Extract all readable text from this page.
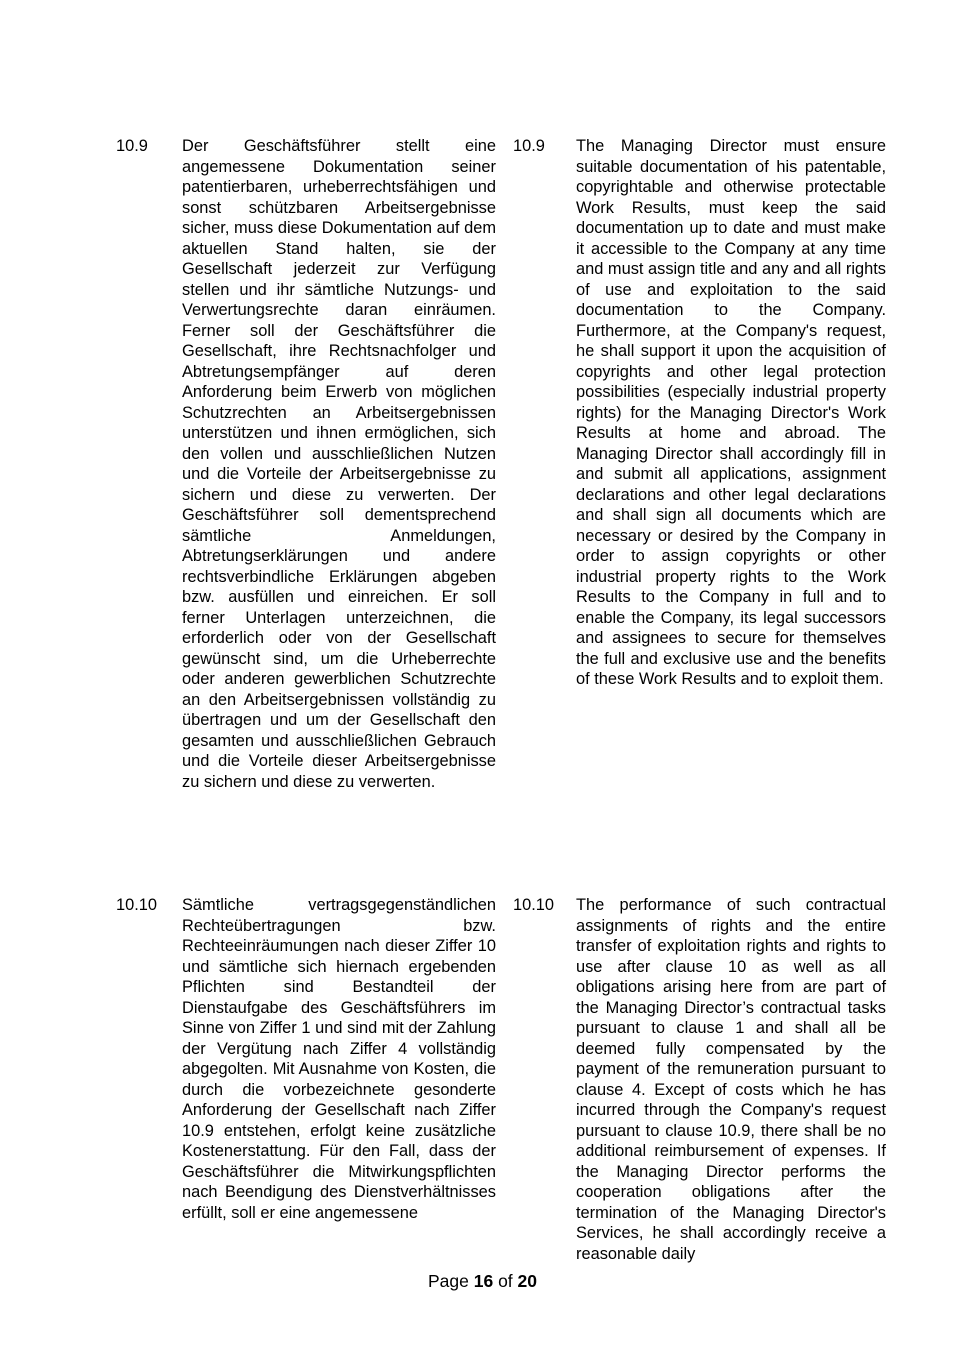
10.9 Der Geschäftsführer stellt eine angemessene Dokumentation seiner patentierbaren, urheberrechtsfähigen und sonst schützbaren Arbeitsergebnisse sicher, muss diese Dokumentation auf dem aktuellen Stand halten, sie der Gesellschaft jederzeit zur Verfügung stellen und ihr sämtliche Nutzungs- und Verwertungsrechte daran einräumen. Ferner soll der Geschäftsführer die Gesellschaft, ihre Rechtsnachfolger und Abtretungsempfänger auf deren Anforderung beim Erwerb von möglichen Schutzrechten an Arbeitsergebnissen unterstützen und ihnen ermöglichen, sich den vollen und ausschließlichen Nutzen und die Vorteile der Arbeitsergebnisse zu sichern und diese zu verwerten. Der Geschäftsführer soll dementsprechend sämtliche Anmeldungen, Abtretungserklärungen und andere rechtsverbindliche Erklärungen abgeben bzw. ausfüllen und einreichen. Er soll ferner Unterlagen unterzeichnen, die erforderlich oder von der Gesellschaft gewünscht sind, um die Urheberrechte oder anderen gewerblichen Schutzrechte an den Arbeitsergebnissen vollständig zu übertragen und um der Gesellschaft den gesamten und ausschließlichen Gebrauch und die Vorteile dieser Arbeitsergebnisse zu sichern und diese zu verwerten.
10.9 The Managing Director must ensure suitable documentation of his patentable, copyrightable and otherwise protectable Work Results, must keep the said documentation up to date and must make it accessible to the Company at any time and must assign title and any and all rights of use and exploitation to the said documentation to the Company. Furthermore, at the Company's request, he shall support it upon the acquisition of copyrights and other legal protection possibilities (especially industrial property rights) for the Managing Director's Work Results at home and abroad. The Managing Director shall accordingly fill in and submit all applications, assignment declarations and other legal declarations and shall sign all documents which are necessary or desired by the Company in order to assign copyrights or other industrial property rights to the Work Results to the Company in full and to enable the Company, its legal successors and assignees to secure for themselves the full and exclusive use and the benefits of these Work Results and to exploit them.
10.10 Sämtliche vertragsgegenständlichen Rechteübertragungen bzw. Rechteeinräumungen nach dieser Ziffer 10 und sämtliche sich hiernach ergebenden Pflichten sind Bestandteil der Dienstaufgabe des Geschäftsführers im Sinne von Ziffer 1 und sind mit der Zahlung der Vergütung nach Ziffer 4 vollständig abgegolten. Mit Ausnahme von Kosten, die durch die vorbezeichnete gesonderte Anforderung der Gesellschaft nach Ziffer 10.9 entstehen, erfolgt keine zusätzliche Kostenerstattung. Für den Fall, dass der Geschäftsführer die Mitwirkungspflichten nach Beendigung des Dienstverhältnisses erfüllt, soll er eine angemessene
10.10 The performance of such contractual assignments of rights and the entire transfer of exploitation rights and rights to use after clause 10 as well as all obligations arising here from are part of the Managing Director’s contractual tasks pursuant to clause 1 and shall all be deemed fully compensated by the payment of the remuneration pursuant to clause 4. Except of costs which he has incurred through the Company's request pursuant to clause 10.9, there shall be no additional reimbursement of expenses. If the Managing Director performs the cooperation obligations after the termination of the Managing Director's Services, he shall accordingly receive a reasonable daily
Page 16 of 20
